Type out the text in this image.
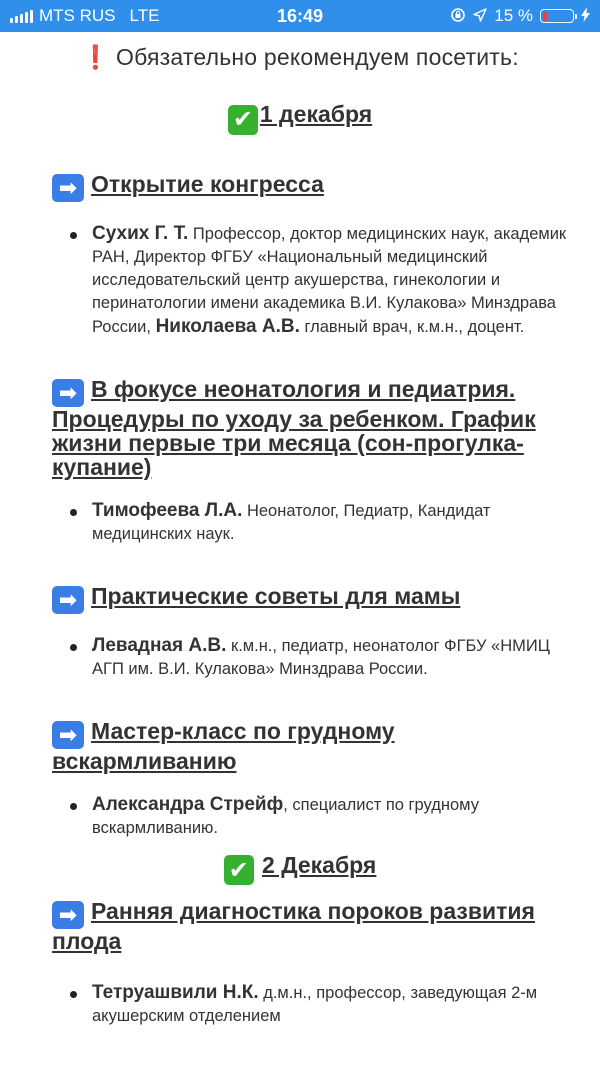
MTS RUS LTE	16:49	15 %
❗ Обязательно рекомендуем посетить:
✔ 1 декабря
➡ Открытие конгресса
Сухих Г. Т. Профессор, доктор медицинских наук, академик РАН, Директор ФГБУ «Национальный медицинский исследовательский центр акушерства, гинекологии и перинатологии имени академика В.И. Кулакова» Минздрава России, Николаева А.В. главный врач, к.м.н., доцент.
➡ В фокусе неонатология и педиатрия. Процедуры по уходу за ребенком. График жизни первые три месяца (сон-прогулка-купание)
Тимофеева Л.А. Неонатолог, Педиатр, Кандидат медицинских наук.
➡ Практические советы для мамы
Левадная А.В. к.м.н., педиатр, неонатолог ФГБУ «НМИЦ АГП им. В.И. Кулакова» Минздрава России.
➡ Мастер-класс по грудному вскармливанию
Александра Стрейф, специалист по грудному вскармливанию.
✔ 2 Декабря
➡ Ранняя диагностика пороков развития плода
Тетруашвили Н.К. д.м.н., профессор, заведующая 2-м акушерским отделением
